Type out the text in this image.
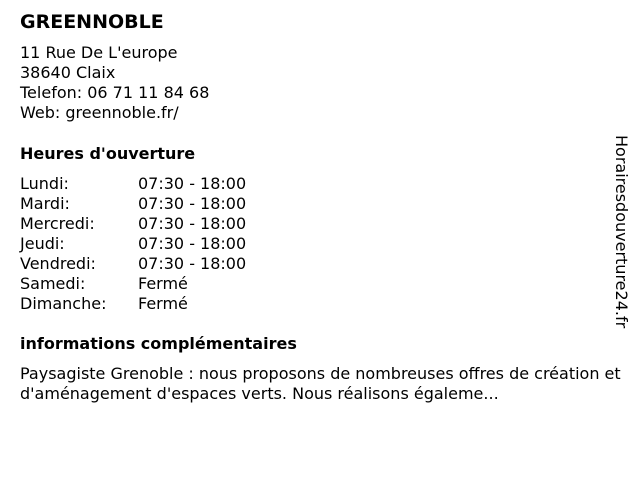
GREENNOBLE
11 Rue De L'europe
38640 Claix
Telefon: 06 71 11 84 68
Web: greennoble.fr/
Heures d'ouverture
Lundi:	07:30 - 18:00
Mardi:	07:30 - 18:00
Mercredi:	07:30 - 18:00
Jeudi:	07:30 - 18:00
Vendredi:	07:30 - 18:00
Samedi:	Fermé
Dimanche:	Fermé
informations complémentaires
Paysagiste Grenoble : nous proposons de nombreuses offres de création et d'aménagement d'espaces verts. Nous réalisons égaleme...
Horairesdouverture24.fr
